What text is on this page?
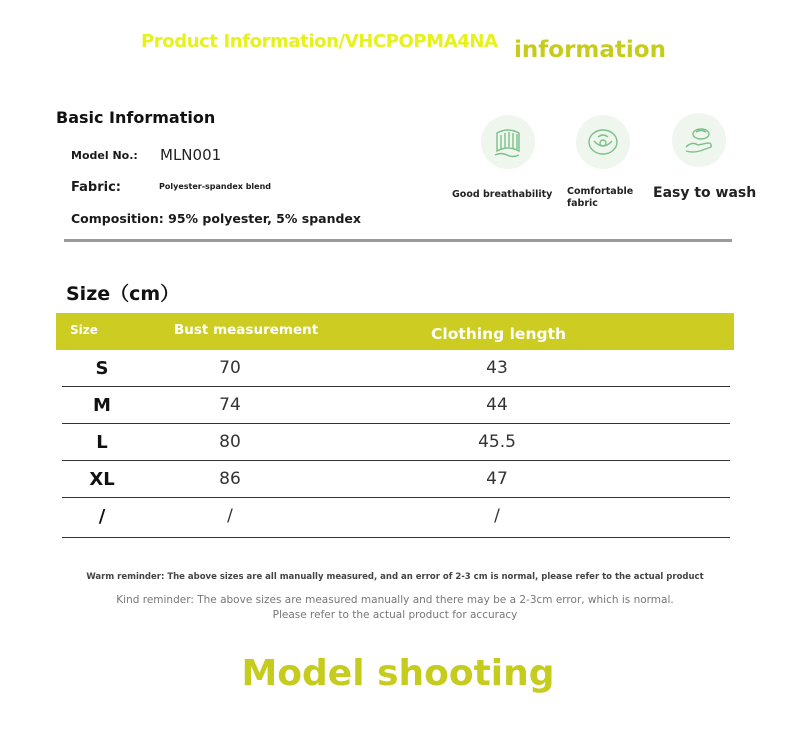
Product Information/VHCPOPMA4NA information
Basic Information
Model No.: MLN001
Fabric:	Polyester-spandex blend
Composition: 95% polyester, 5% spandex
Good breathability Comfortable
fabric
Easy to wash
Size（cm）
Size	Bust measurement	Clothing length
S	70	43
M	74	44
L	80	45.5
XL	86	47
/	/	/
Warm reminder: The above sizes are all manually measured, and an error of 2-3 cm is normal, please refer to the actual product
Kind reminder: The above sizes are measured manually and there may be a 2-3cm error, which is normal.
Please refer to the actual product for accuracy
Model shooting
